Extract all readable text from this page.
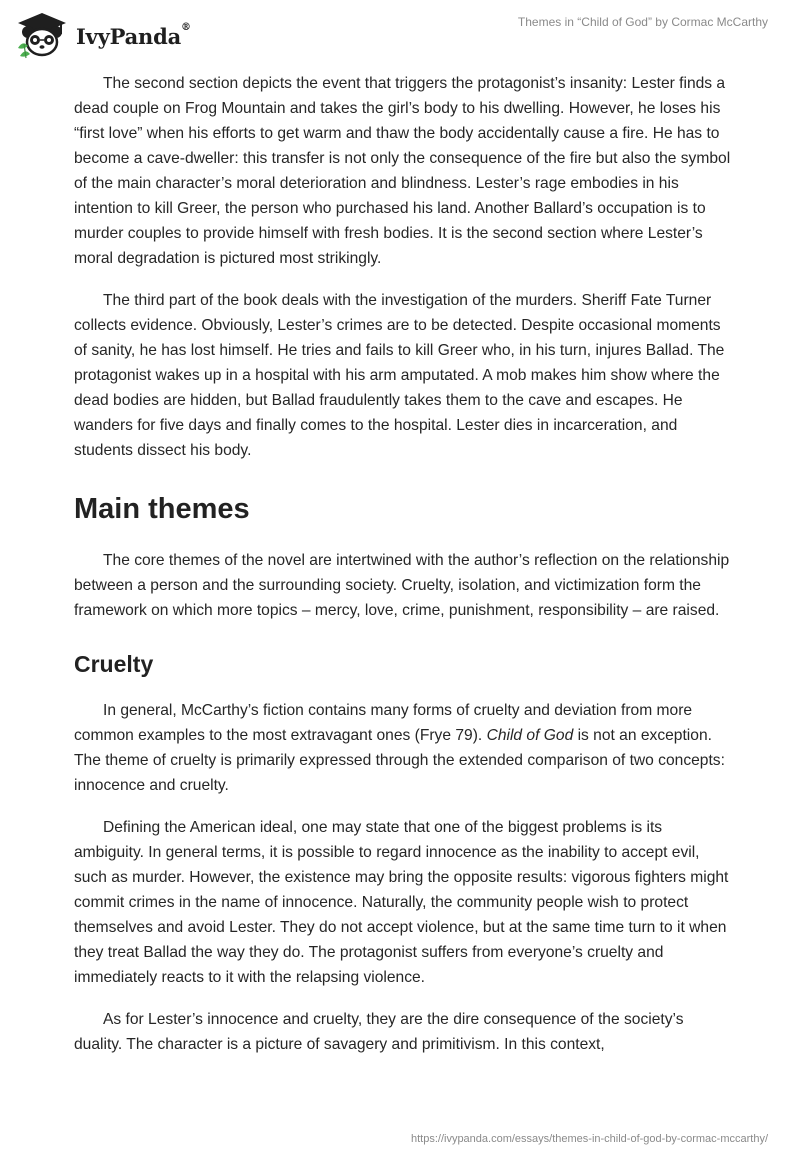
IvyPanda®	Themes in “Child of God” by Cormac McCarthy

The second section depicts the event that triggers the protagonist’s insanity: Lester finds a dead couple on Frog Mountain and takes the girl’s body to his dwelling. However, he loses his “first love” when his efforts to get warm and thaw the body accidentally cause a fire. He has to become a cave-dweller: this transfer is not only the consequence of the fire but also the symbol of the main character’s moral deterioration and blindness. Lester’s rage embodies in his intention to kill Greer, the person who purchased his land. Another Ballard’s occupation is to murder couples to provide himself with fresh bodies. It is the second section where Lester’s moral degradation is pictured most strikingly.

The third part of the book deals with the investigation of the murders. Sheriff Fate Turner collects evidence. Obviously, Lester’s crimes are to be detected. Despite occasional moments of sanity, he has lost himself. He tries and fails to kill Greer who, in his turn, injures Ballad. The protagonist wakes up in a hospital with his arm amputated. A mob makes him show where the dead bodies are hidden, but Ballad fraudulently takes them to the cave and escapes. He wanders for five days and finally comes to the hospital. Lester dies in incarceration, and students dissect his body.

Main themes

The core themes of the novel are intertwined with the author’s reflection on the relationship between a person and the surrounding society. Cruelty, isolation, and victimization form the framework on which more topics – mercy, love, crime, punishment, responsibility – are raised.

Cruelty

In general, McCarthy’s fiction contains many forms of cruelty and deviation from more common examples to the most extravagant ones (Frye 79). Child of God is not an exception. The theme of cruelty is primarily expressed through the extended comparison of two concepts: innocence and cruelty.

Defining the American ideal, one may state that one of the biggest problems is its ambiguity. In general terms, it is possible to regard innocence as the inability to accept evil, such as murder. However, the existence may bring the opposite results: vigorous fighters might commit crimes in the name of innocence. Naturally, the community people wish to protect themselves and avoid Lester. They do not accept violence, but at the same time turn to it when they treat Ballad the way they do. The protagonist suffers from everyone’s cruelty and immediately reacts to it with the relapsing violence.

As for Lester’s innocence and cruelty, they are the dire consequence of the society’s duality. The character is a picture of savagery and primitivism. In this context,

https://ivypanda.com/essays/themes-in-child-of-god-by-cormac-mccarthy/
